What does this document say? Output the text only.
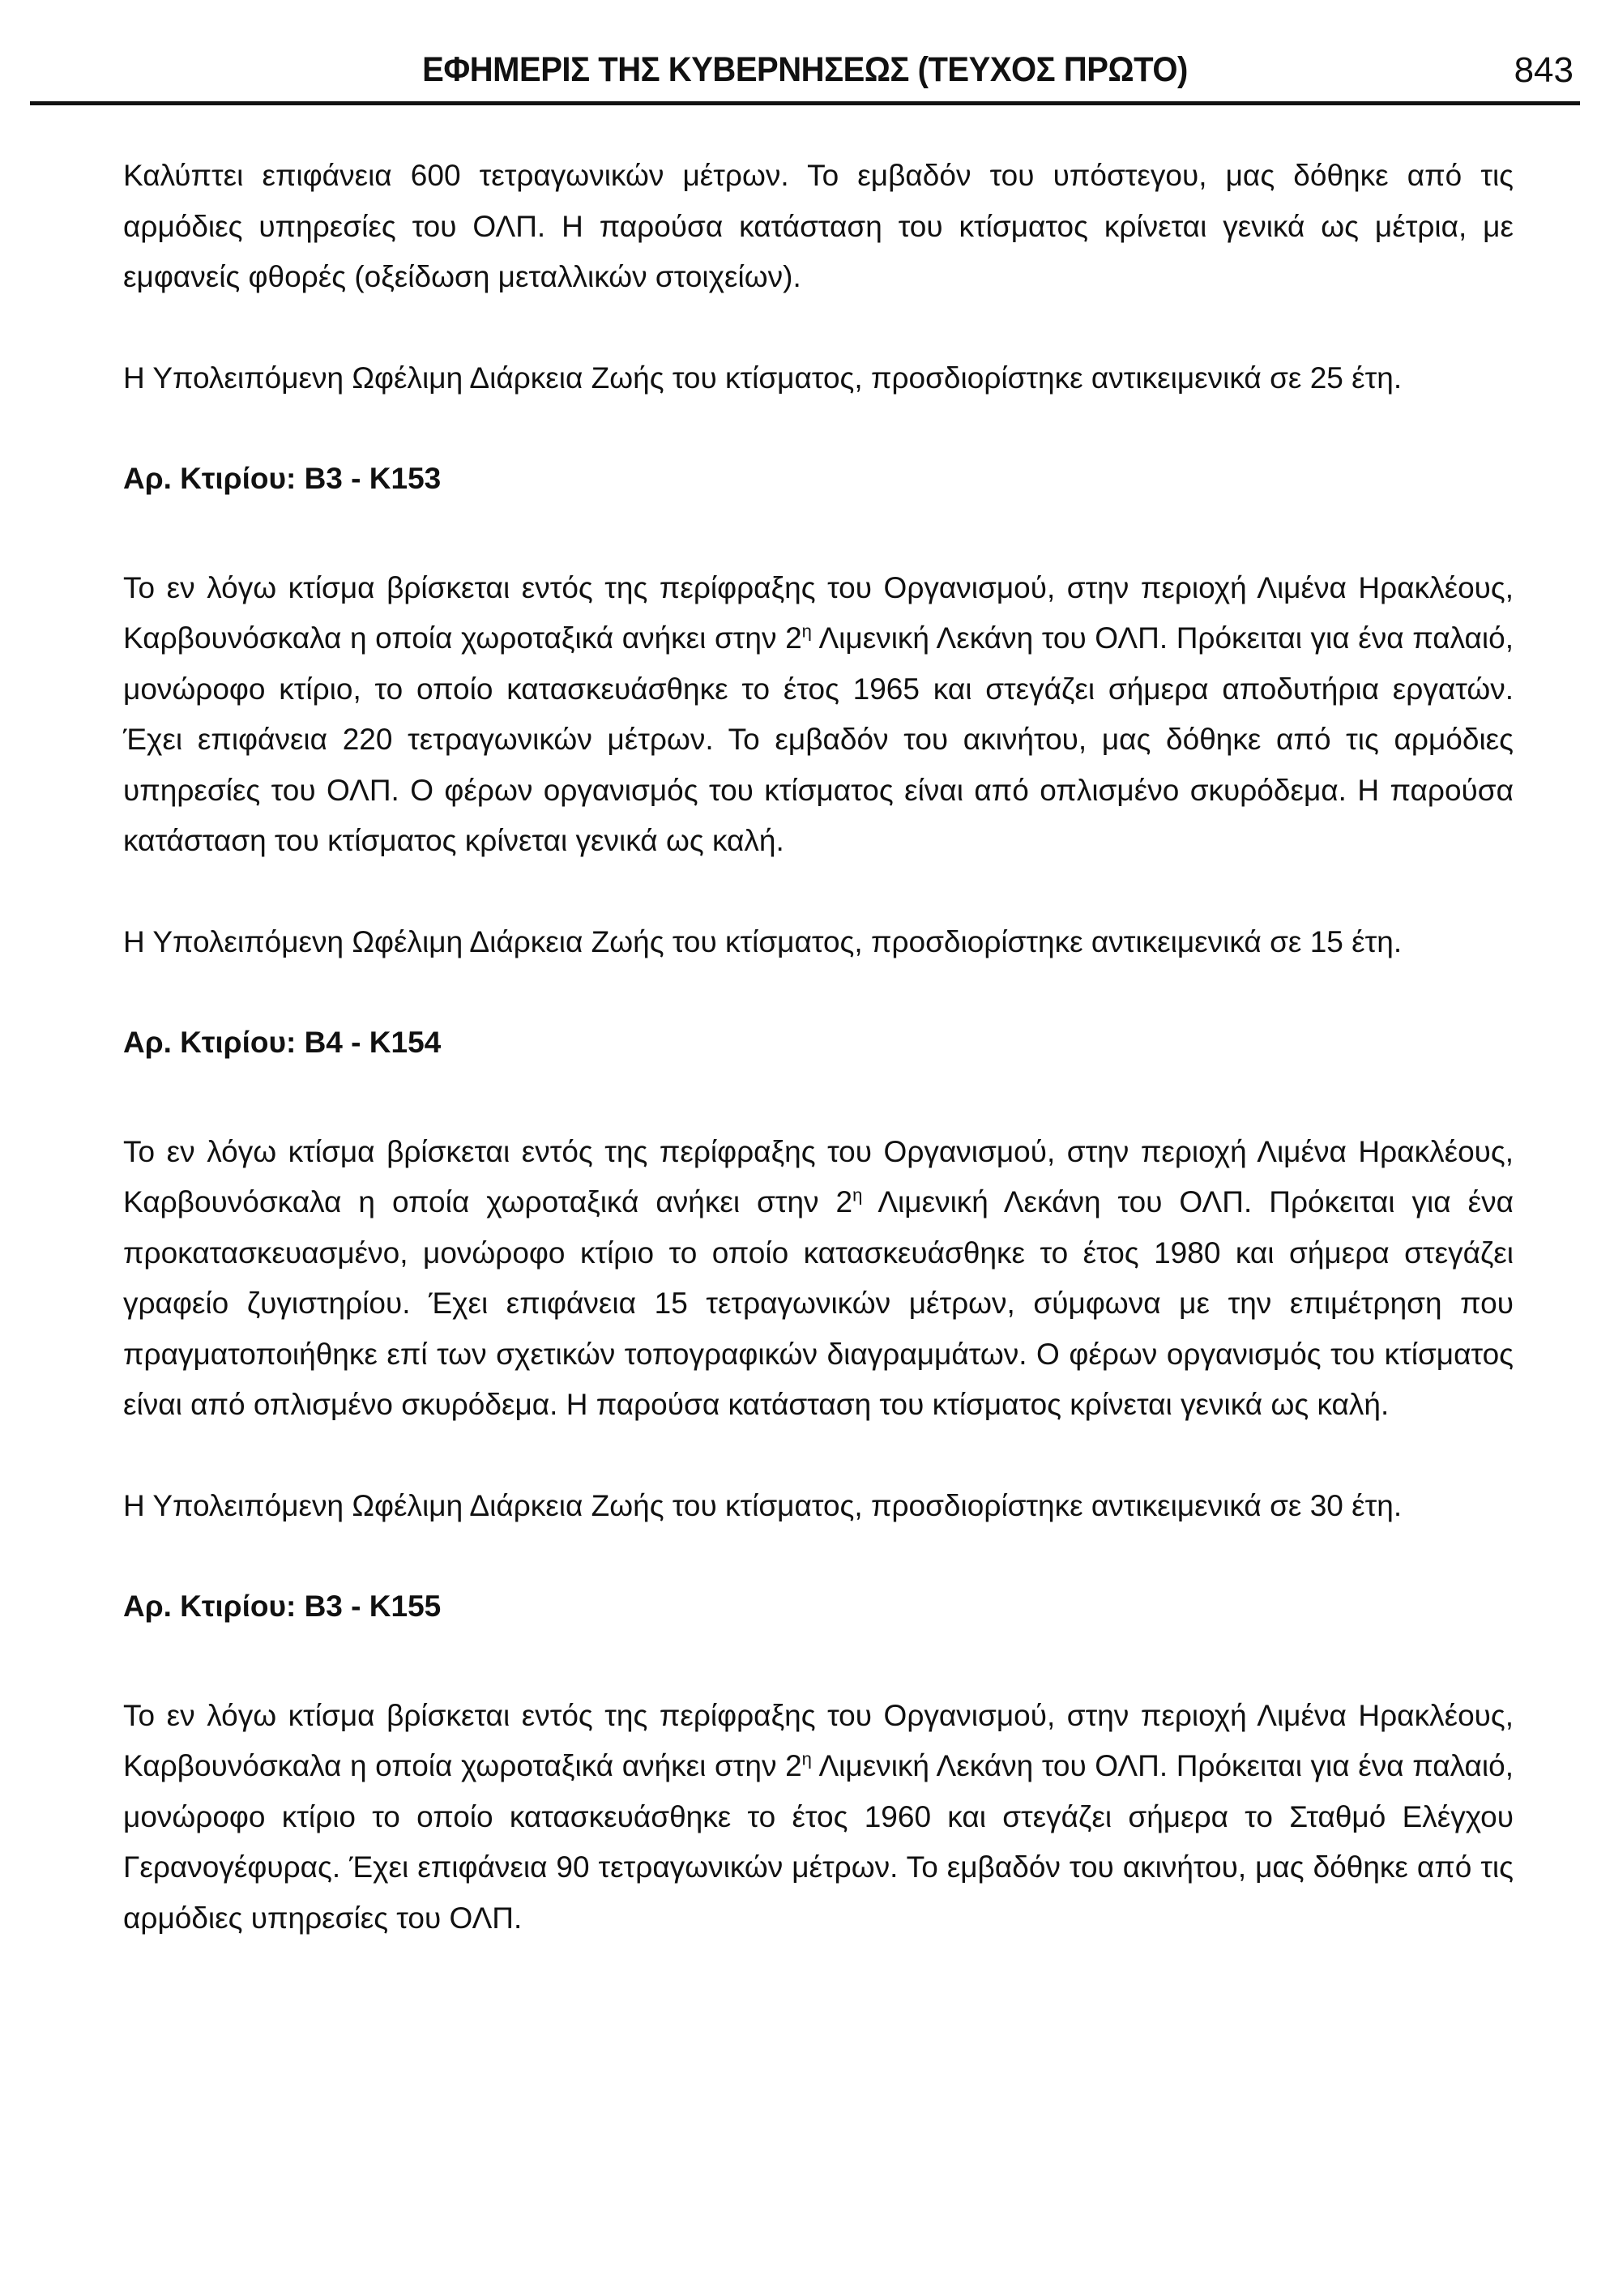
ΕΦΗΜΕΡΙΣ ΤΗΣ ΚΥΒΕΡΝΗΣΕΩΣ (ΤΕΥΧΟΣ ΠΡΩΤΟ)	843

Καλύπτει επιφάνεια 600 τετραγωνικών μέτρων. Το εμβαδόν του υπόστεγου, μας δόθηκε από τις αρμόδιες υπηρεσίες του ΟΛΠ. Η παρούσα κατάσταση του κτίσματος κρίνεται γενικά ως μέτρια, με εμφανείς φθορές (οξείδωση μεταλλικών στοιχείων).

Η Υπολειπόμενη Ωφέλιμη Διάρκεια Ζωής του κτίσματος, προσδιορίστηκε αντικειμενικά σε 25 έτη.

Αρ. Κτιρίου: Β3 - Κ153

Το εν λόγω κτίσμα βρίσκεται εντός της περίφραξης του Οργανισμού, στην περιοχή Λιμένα Ηρακλέους, Καρβουνόσκαλα η οποία χωροταξικά ανήκει στην $2^\eta$ Λιμενική Λεκάνη του ΟΛΠ. Πρόκειται για ένα παλαιό, μονώροφο κτίριο, το οποίο κατασκευάσθηκε το έτος 1965 και στεγάζει σήμερα αποδυτήρια εργατών. Έχει επιφάνεια 220 τετραγωνικών μέτρων. Το εμβαδόν του ακινήτου, μας δόθηκε από τις αρμόδιες υπηρεσίες του ΟΛΠ. Ο φέρων οργανισμός του κτίσματος είναι από οπλισμένο σκυρόδεμα. Η παρούσα κατάσταση του κτίσματος κρίνεται γενικά ως καλή.

Η Υπολειπόμενη Ωφέλιμη Διάρκεια Ζωής του κτίσματος, προσδιορίστηκε αντικειμενικά σε 15 έτη.

Αρ. Κτιρίου: Β4 - Κ154

Το εν λόγω κτίσμα βρίσκεται εντός της περίφραξης του Οργανισμού, στην περιοχή Λιμένα Ηρακλέους, Καρβουνόσκαλα η οποία χωροταξικά ανήκει στην $2^\eta$ Λιμενική Λεκάνη του ΟΛΠ. Πρόκειται για ένα προκατασκευασμένο, μονώροφο κτίριο το οποίο κατασκευάσθηκε το έτος 1980 και σήμερα στεγάζει γραφείο ζυγιστηρίου. Έχει επιφάνεια 15 τετραγωνικών μέτρων, σύμφωνα με την επιμέτρηση που πραγματοποιήθηκε επί των σχετικών τοπογραφικών διαγραμμάτων. Ο φέρων οργανισμός του κτίσματος είναι από οπλισμένο σκυρόδεμα. Η παρούσα κατάσταση του κτίσματος κρίνεται γενικά ως καλή.

Η Υπολειπόμενη Ωφέλιμη Διάρκεια Ζωής του κτίσματος, προσδιορίστηκε αντικειμενικά σε 30 έτη.

Αρ. Κτιρίου: Β3 - Κ155

Το εν λόγω κτίσμα βρίσκεται εντός της περίφραξης του Οργανισμού, στην περιοχή Λιμένα Ηρακλέους, Καρβουνόσκαλα η οποία χωροταξικά ανήκει στην $2^\eta$ Λιμενική Λεκάνη του ΟΛΠ. Πρόκειται για ένα παλαιό, μονώροφο κτίριο το οποίο κατασκευάσθηκε το έτος 1960 και στεγάζει σήμερα το Σταθμό Ελέγχου Γερανογέφυρας. Έχει επιφάνεια 90 τετραγωνικών μέτρων. Το εμβαδόν του ακινήτου, μας δόθηκε από τις αρμόδιες υπηρεσίες του ΟΛΠ.
